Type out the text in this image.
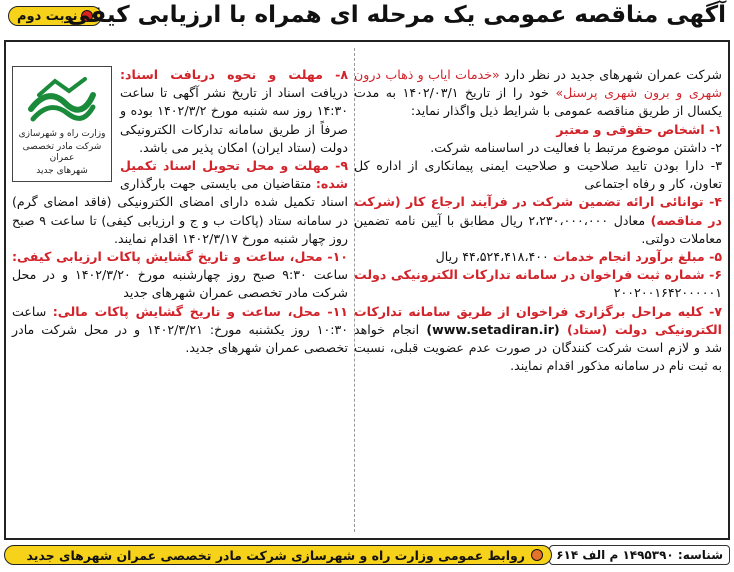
نوبت دوم
آگهی مناقصه عمومی یک مرحله ای همراه با ارزیابی کیفی

شرکت عمران شهرهای جدید در نظر دارد «خدمات ایاب و ذهاب درون شهری و برون شهری پرسنل» خود را از تاریخ ۱۴۰۲/۰۳/۱ به مدت یکسال از طریق مناقصه عمومی با شرایط ذیل واگذار نماید:

۱- اشخاص حقوقی و معتبر

۲- داشتن موضوع مرتبط با فعالیت در اساسنامه شرکت.

۳- دارا بودن تایید صلاحیت و صلاحیت ایمنی پیمانکاری از اداره کل تعاون، کار و رفاه اجتماعی

۴- توانائی ارائه تضمین شرکت در فرآیند ارجاع کار (شرکت در مناقصه) معادل ۲،۲۳۰،۰۰۰،۰۰۰ ریال مطابق با آیین نامه تضمین معاملات دولتی.

۵- مبلغ برآورد انجام خدمات ۴۴،۵۲۴،۴۱۸،۴۰۰ ریال

۶- شماره ثبت فراخوان در سامانه تدارکات الکترونیکی دولت ۲۰۰۲۰۰۱۶۴۲۰۰۰۰۰۱

۷- کلیه مراحل برگزاری فراخوان از طریق سامانه تدارکات الکترونیکی دولت (ستاد) (www.setadiran.ir) انجام خواهد شد و لازم است شرکت کنندگان در صورت عدم عضویت قبلی، نسبت به ثبت نام در سامانه مذکور اقدام نمایند.

وزارت راه و شهرسازی
شرکت مادر تخصصی عمران
شهرهای جدید

۸- مهلت و نحوه دریافت اسناد: دریافت اسناد از تاریخ نشر آگهی تا ساعت ۱۴:۳۰ روز سه شنبه مورخ ۱۴۰۲/۳/۲ بوده و صرفاً از طریق سامانه تدارکات الکترونیکی دولت (ستاد ایران) امکان پذیر می باشد.

۹- مهلت و محل تحویل اسناد تکمیل شده: متقاضیان می بایستی جهت بارگذاری اسناد تکمیل شده دارای امضای الکترونیکی (فاقد امضای گرم) در سامانه ستاد (پاکات ب و ج و ارزیابی کیفی) تا ساعت ۹ صبح روز چهار شنبه مورخ ۱۴۰۲/۳/۱۷ اقدام نمایند.

۱۰- محل، ساعت و تاریخ گشایش پاکات ارزیابی کیفی: ساعت ۹:۳۰ صبح روز چهارشنبه مورخ ۱۴۰۲/۳/۲۰ و در محل شرکت مادر تخصصی عمران شهرهای جدید

۱۱- محل، ساعت و تاریخ گشایش پاکات مالی: ساعت ۱۰:۳۰ روز یکشنبه مورخ: ۱۴۰۲/۳/۲۱ و در محل شرکت مادر تخصصی عمران شهرهای جدید.

شناسه: ۱۴۹۵۳۹۰ م الف ۶۱۴
روابط عمومی وزارت راه و شهرسازی شرکت مادر تخصصی عمران شهرهای جدید
